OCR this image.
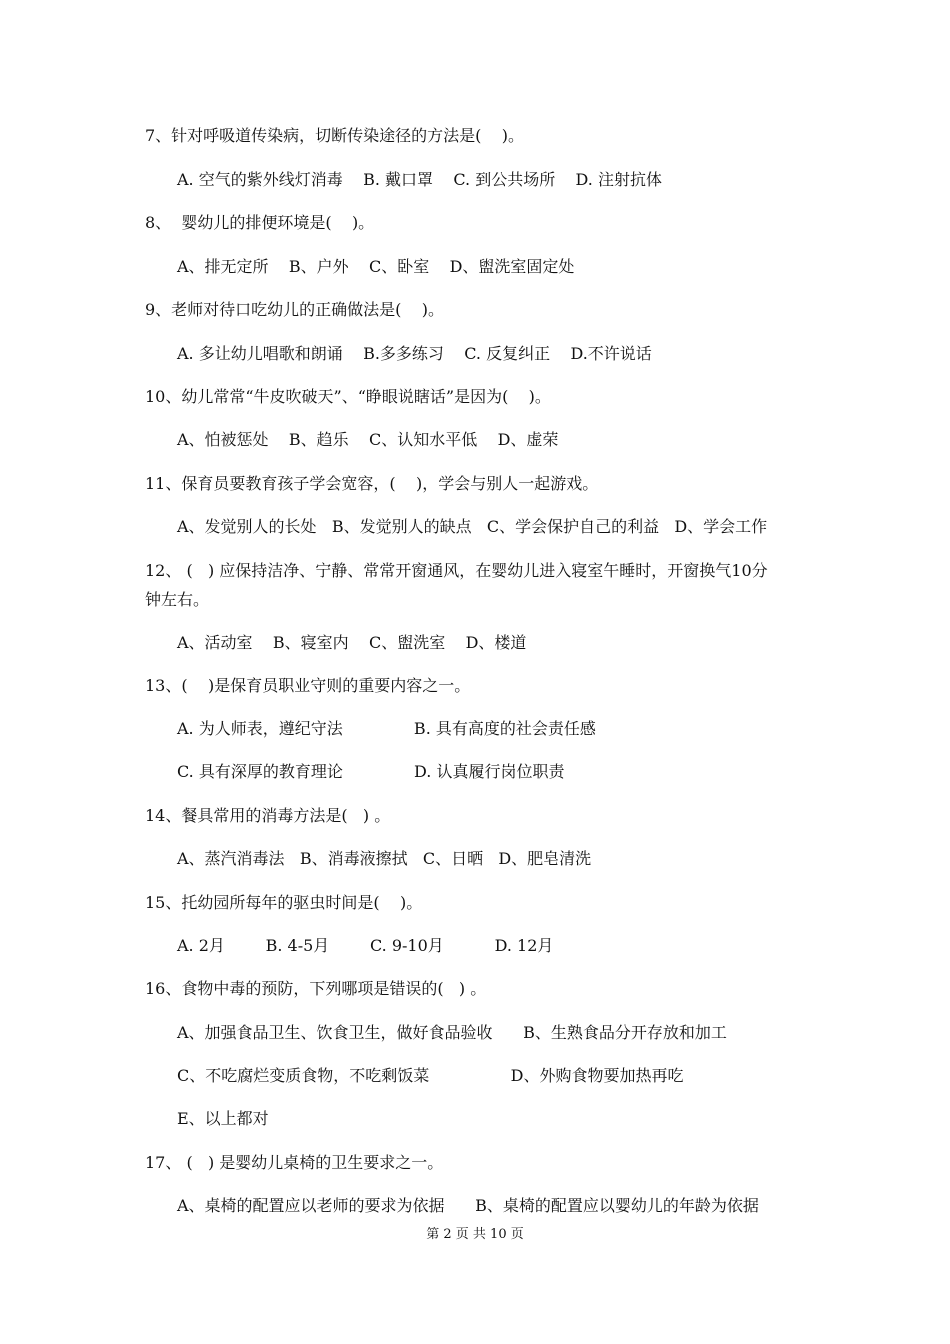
7、针对呼吸道传染病，切断传染途径的方法是(    )。
A. 空气的紫外线灯消毒    B. 戴口罩    C. 到公共场所    D. 注射抗体
8、  婴幼儿的排便环境是(    )。
A、排无定所    B、户外    C、卧室    D、盥洗室固定处
9、老师对待口吃幼儿的正确做法是(    )。
A. 多让幼儿唱歌和朗诵    B.多多练习    C. 反复纠正    D.不许说话
10、幼儿常常“牛皮吹破天”、“睁眼说瞎话”是因为(    )。
A、怕被惩处    B、趋乐    C、认知水平低    D、虚荣
11、保育员要教育孩子学会宽容，(    )，学会与别人一起游戏。
A、发觉别人的长处   B、发觉别人的缺点   C、学会保护自己的利益   D、学会工作
12、 (   ) 应保持洁净、宁静、常常开窗通风，在婴幼儿进入寝室午睡时，开窗换气10分
钟左右。
A、活动室    B、寝室内    C、盥洗室    D、楼道
13、(    )是保育员职业守则的重要内容之一。
A. 为人师表，遵纪守法              B. 具有高度的社会责任感
C. 具有深厚的教育理论              D. 认真履行岗位职责
14、餐具常用的消毒方法是(   ) 。
A、蒸汽消毒法   B、消毒液擦拭   C、日晒   D、肥皂清洗
15、托幼园所每年的驱虫时间是(    )。
A. 2月        B. 4-5月        C. 9-10月          D. 12月
16、食物中毒的预防，下列哪项是错误的(   ) 。
A、加强食品卫生、饮食卫生，做好食品验收      B、生熟食品分开存放和加工
C、不吃腐烂变质食物，不吃剩饭菜                D、外购食物要加热再吃
E、以上都对
17、 (   ) 是婴幼儿桌椅的卫生要求之一。
A、桌椅的配置应以老师的要求为依据      B、桌椅的配置应以婴幼儿的年龄为依据
第 2 页 共 10 页
